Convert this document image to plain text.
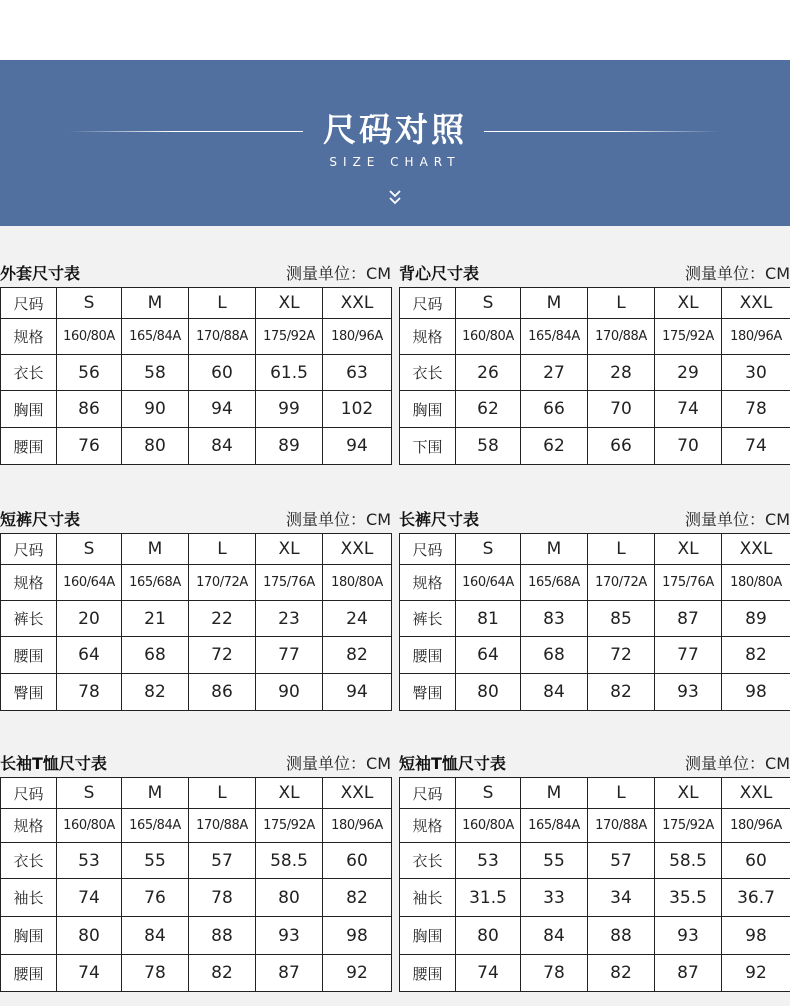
尺码对照
SIZE CHART
外套尺寸表	测量单位：CM
尺码	S	M	L	XL	XXL
规格	160/80A	165/84A	170/88A	175/92A	180/96A
衣长	56	58	60	61.5	63
胸围	86	90	94	99	102
腰围	76	80	84	89	94
背心尺寸表	测量单位：CM
尺码	S	M	L	XL	XXL
规格	160/80A	165/84A	170/88A	175/92A	180/96A
衣长	26	27	28	29	30
胸围	62	66	70	74	78
下围	58	62	66	70	74
短裤尺寸表	测量单位：CM
尺码	S	M	L	XL	XXL
规格	160/64A	165/68A	170/72A	175/76A	180/80A
裤长	20	21	22	23	24
腰围	64	68	72	77	82
臀围	78	82	86	90	94
长裤尺寸表	测量单位：CM
尺码	S	M	L	XL	XXL
规格	160/64A	165/68A	170/72A	175/76A	180/80A
裤长	81	83	85	87	89
腰围	64	68	72	77	82
臀围	80	84	82	93	98
长袖T恤尺寸表	测量单位：CM
尺码	S	M	L	XL	XXL
规格	160/80A	165/84A	170/88A	175/92A	180/96A
衣长	53	55	57	58.5	60
袖长	74	76	78	80	82
胸围	80	84	88	93	98
腰围	74	78	82	87	92
短袖T恤尺寸表	测量单位：CM
尺码	S	M	L	XL	XXL
规格	160/80A	165/84A	170/88A	175/92A	180/96A
衣长	53	55	57	58.5	60
袖长	31.5	33	34	35.5	36.7
胸围	80	84	88	93	98
腰围	74	78	82	87	92
